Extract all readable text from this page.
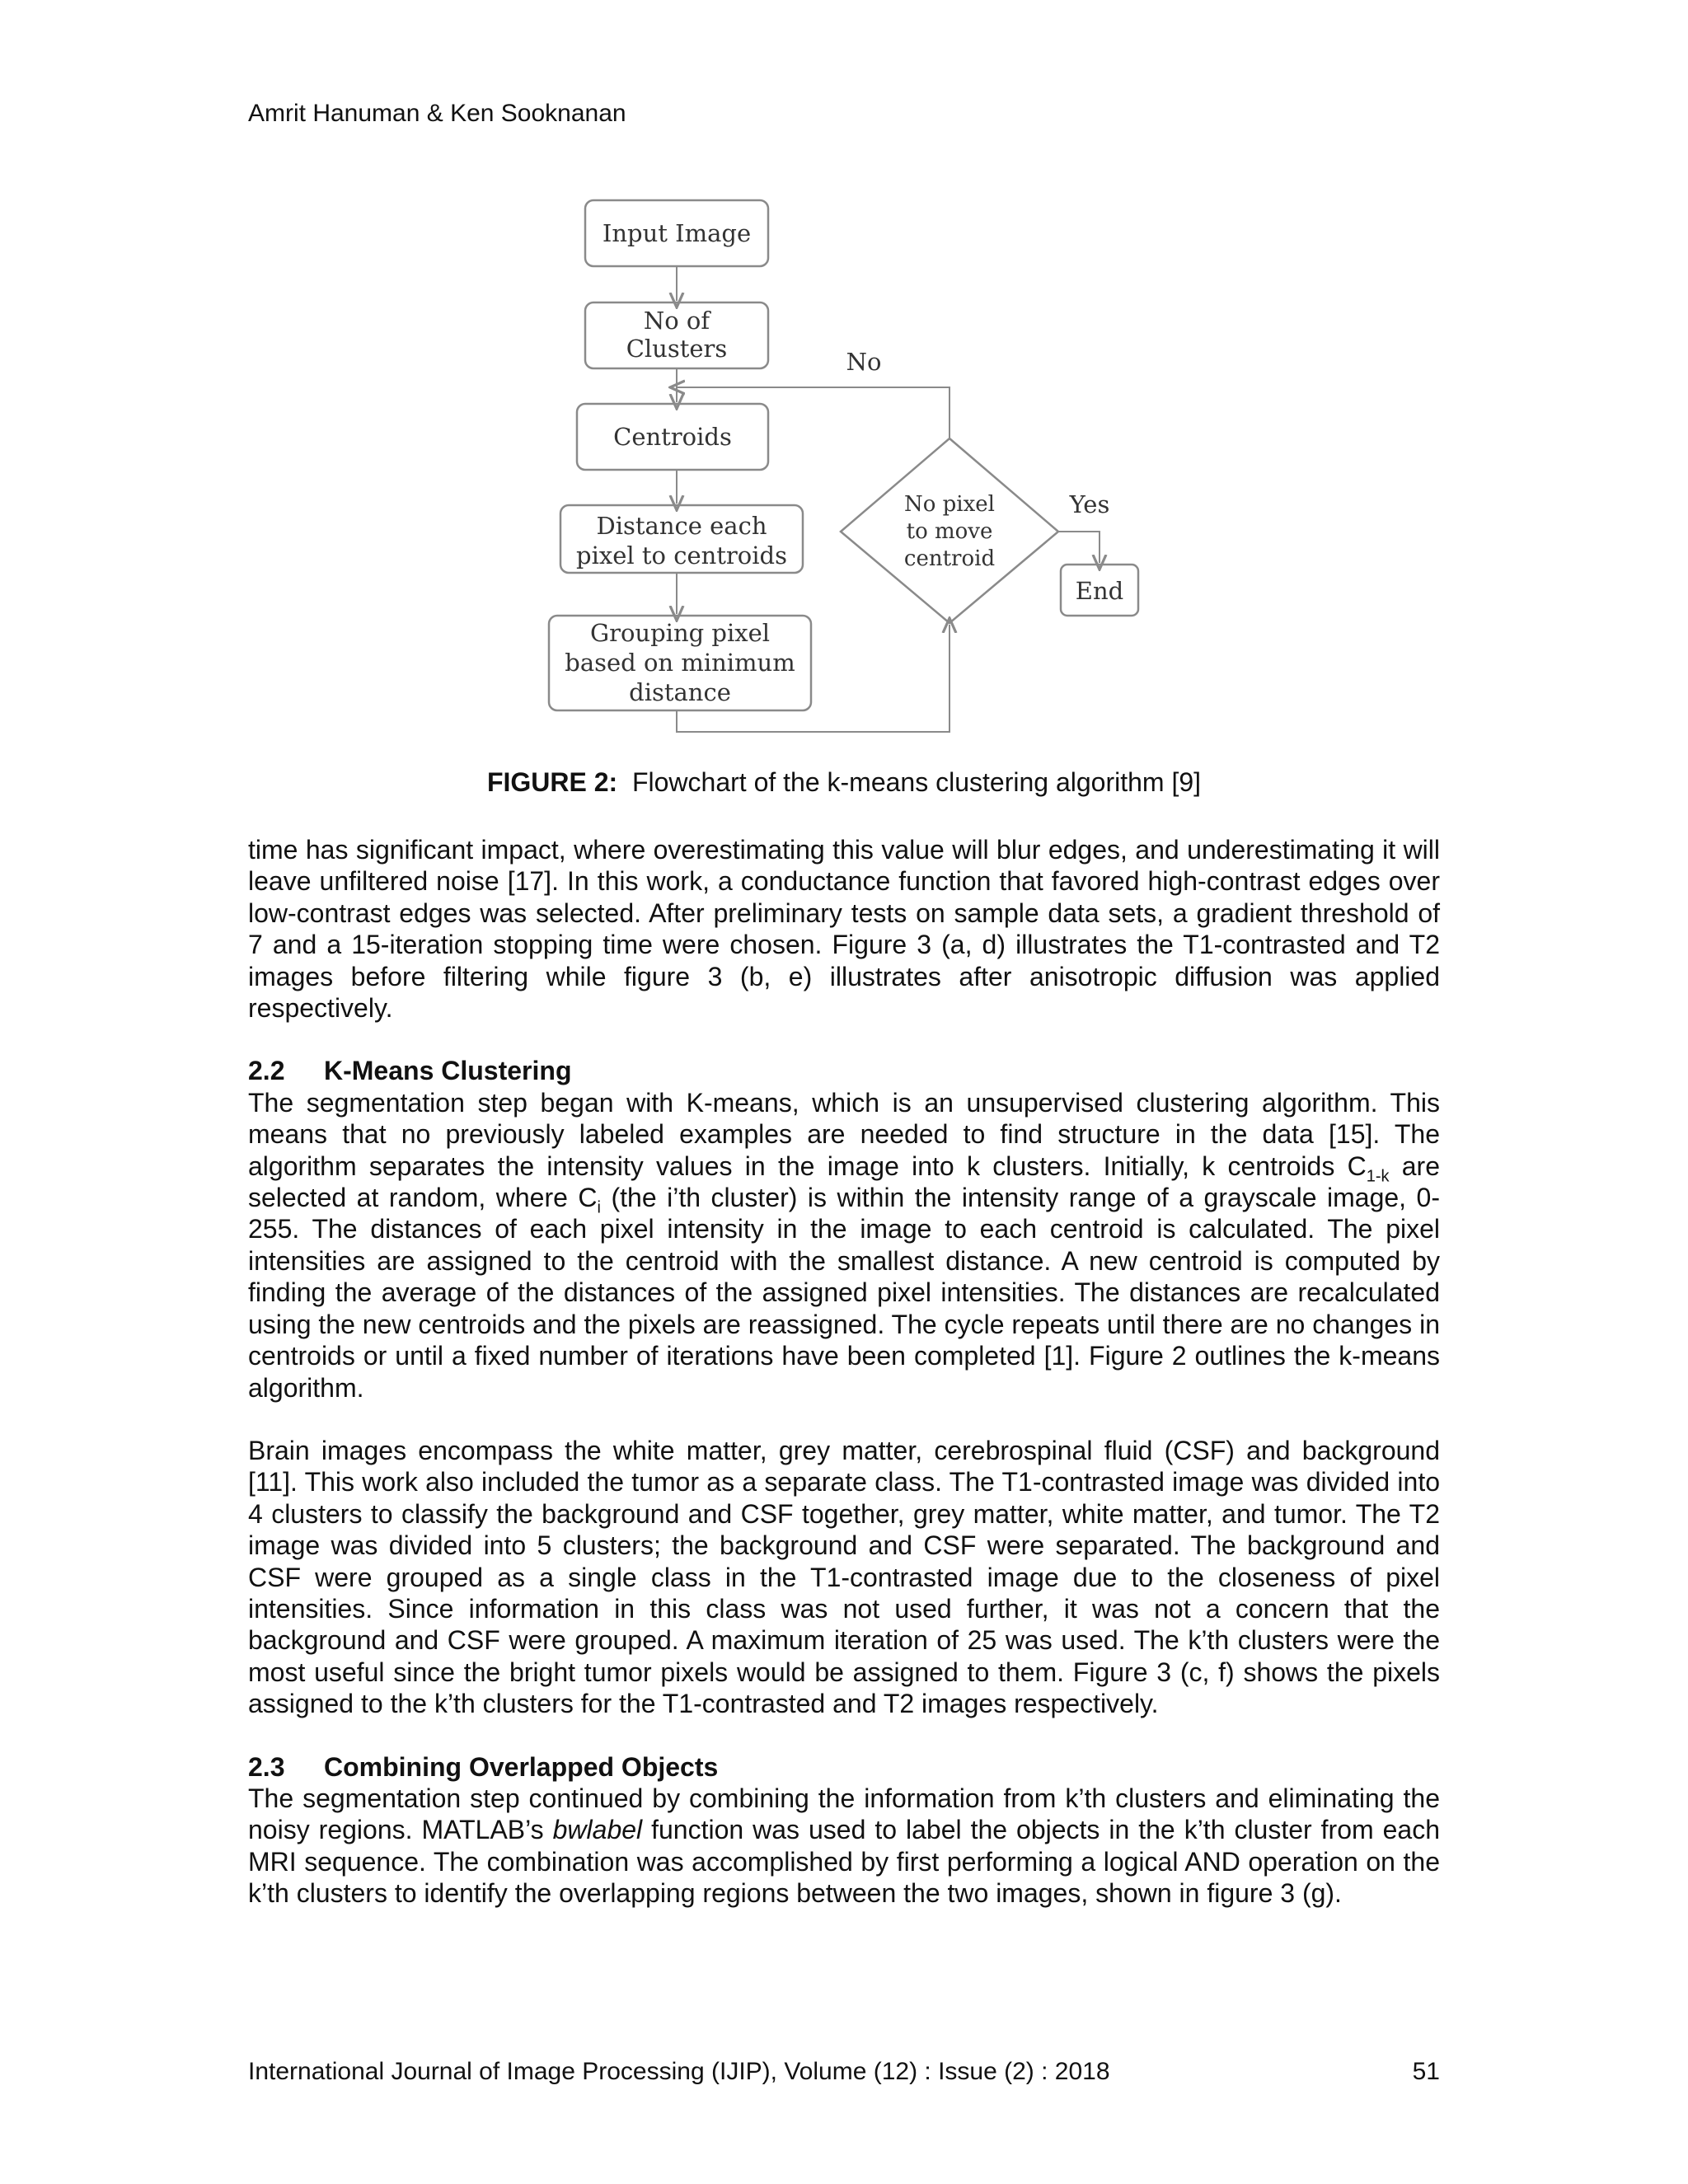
Amrit Hanuman & Ken Sooknanan
Input Image
No of
Clusters
Centroids
Distance each
pixel to centroids
Grouping pixel
based on minimum
distance
No pixel
to move
centroid
End
No
Yes
FIGURE 2: Flowchart of the k-means clustering algorithm [9]

time has significant impact, where overestimating this value will blur edges, and underestimating it will leave unfiltered noise [17]. In this work, a conductance function that favored high-contrast edges over low-contrast edges was selected. After preliminary tests on sample data sets, a gradient threshold of 7 and a 15-iteration stopping time were chosen. Figure 3 (a, d) illustrates the T1-contrasted and T2 images before filtering while figure 3 (b, e) illustrates after anisotropic diffusion was applied respectively.

2.2 K-Means Clustering

The segmentation step began with K-means, which is an unsupervised clustering algorithm. This means that no previously labeled examples are needed to find structure in the data [15]. The algorithm separates the intensity values in the image into k clusters. Initially, k centroids $C_{1-k}$ are selected at random, where $C_i$ (the i’th cluster) is within the intensity range of a grayscale image, 0-255. The distances of each pixel intensity in the image to each centroid is calculated. The pixel intensities are assigned to the centroid with the smallest distance. A new centroid is computed by finding the average of the distances of the assigned pixel intensities. The distances are recalculated using the new centroids and the pixels are reassigned. The cycle repeats until there are no changes in centroids or until a fixed number of iterations have been completed [1]. Figure 2 outlines the k-means algorithm.

Brain images encompass the white matter, grey matter, cerebrospinal fluid (CSF) and background [11]. This work also included the tumor as a separate class. The T1-contrasted image was divided into 4 clusters to classify the background and CSF together, grey matter, white matter, and tumor. The T2 image was divided into 5 clusters; the background and CSF were separated. The background and CSF were grouped as a single class in the T1-contrasted image due to the closeness of pixel intensities. Since information in this class was not used further, it was not a concern that the background and CSF were grouped. A maximum iteration of 25 was used. The k’th clusters were the most useful since the bright tumor pixels would be assigned to them. Figure 3 (c, f) shows the pixels assigned to the k’th clusters for the T1-contrasted and T2 images respectively.

2.3 Combining Overlapped Objects

The segmentation step continued by combining the information from k’th clusters and eliminating the noisy regions. MATLAB’s bwlabel function was used to label the objects in the k’th cluster from each MRI sequence. The combination was accomplished by first performing a logical AND operation on the k’th clusters to identify the overlapping regions between the two images, shown in figure 3 (g).

International Journal of Image Processing (IJIP), Volume (12) : Issue (2) : 2018	51
